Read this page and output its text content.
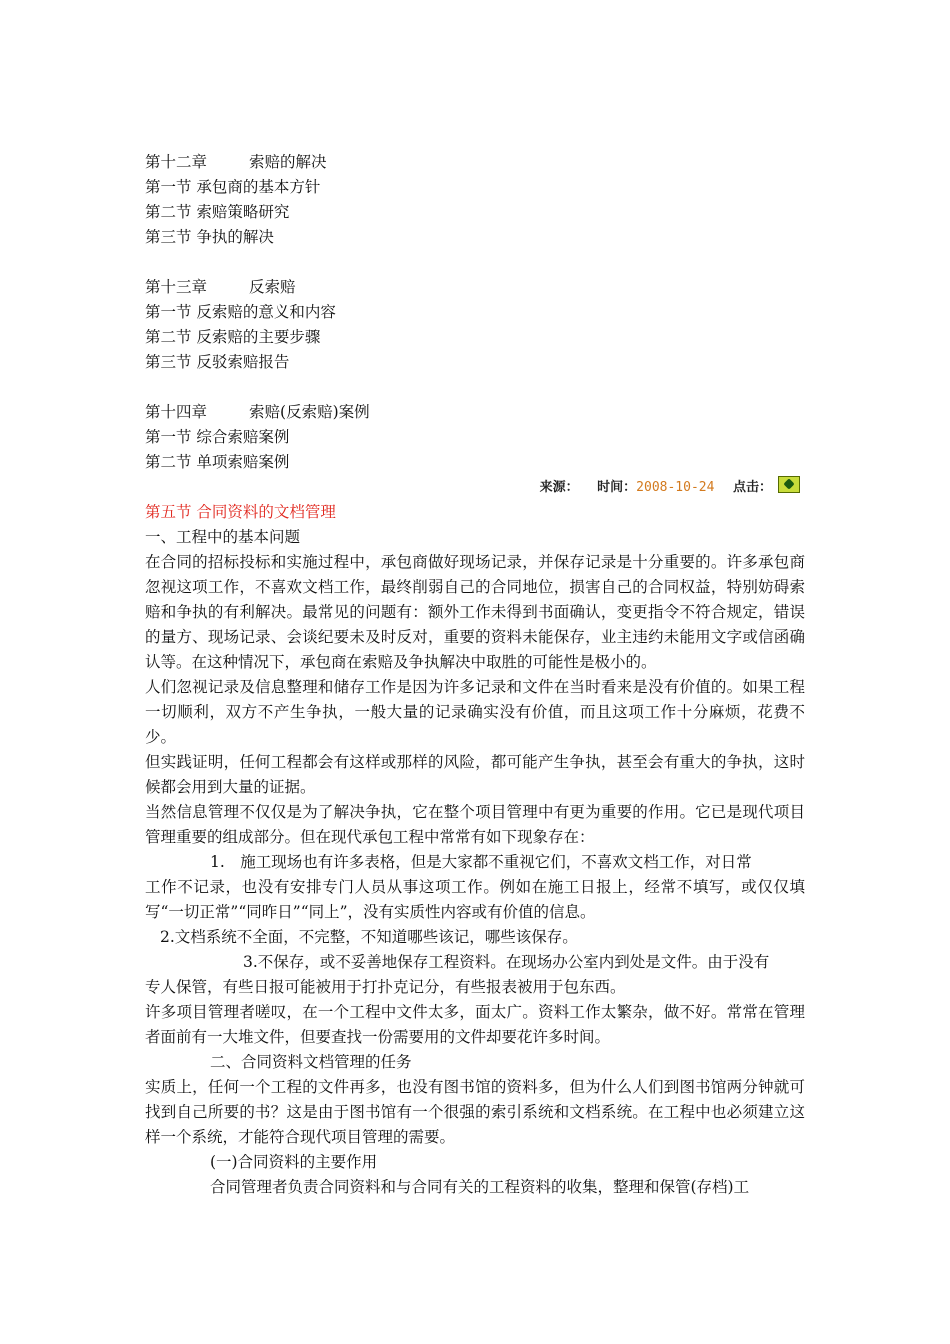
第十二章	索赔的解决
第一节 承包商的基本方针
第二节 索赔策略研究
第三节 争执的解决
第十三章	反索赔
第一节 反索赔的意义和内容
第二节 反索赔的主要步骤
第三节 反驳索赔报告
第十四章	索赔(反索赔)案例
第一节 综合索赔案例
第二节 单项索赔案例
来源： 时间：2008-10-24 点击：
第五节 合同资料的文档管理
一、工程中的基本问题
在合同的招标投标和实施过程中，承包商做好现场记录，并保存记录是十分重要的。许多承包商忽视这项工作，不喜欢文档工作，最终削弱自己的合同地位，损害自己的合同权益，特别妨碍索赔和争执的有利解决。最常见的问题有：额外工作未得到书面确认，变更指令不符合规定，错误的量方、现场记录、会谈纪要未及时反对，重要的资料未能保存，业主违约未能用文字或信函确认等。在这种情况下，承包商在索赔及争执解决中取胜的可能性是极小的。
人们忽视记录及信息整理和储存工作是因为许多记录和文件在当时看来是没有价值的。如果工程一切顺利，双方不产生争执，一般大量的记录确实没有价值，而且这项工作十分麻烦，花费不少。
但实践证明，任何工程都会有这样或那样的风险，都可能产生争执，甚至会有重大的争执，这时候都会用到大量的证据。
当然信息管理不仅仅是为了解决争执，它在整个项目管理中有更为重要的作用。它已是现代项目管理重要的组成部分。但在现代承包工程中常常有如下现象存在：
1.　施工现场也有许多表格，但是大家都不重视它们，不喜欢文档工作，对日常
工作不记录，也没有安排专门人员从事这项工作。例如在施工日报上，经常不填写，或仅仅填写“一切正常”“同昨日”“同上”，没有实质性内容或有价值的信息。
2.文档系统不全面，不完整，不知道哪些该记，哪些该保存。
3.不保存，或不妥善地保存工程资料。在现场办公室内到处是文件。由于没有
专人保管，有些日报可能被用于打扑克记分，有些报表被用于包东西。
许多项目管理者嗟叹，在一个工程中文件太多，面太广。资料工作太繁杂，做不好。常常在管理者面前有一大堆文件，但要查找一份需要用的文件却要花许多时间。
二、合同资料文档管理的任务
实质上，任何一个工程的文件再多，也没有图书馆的资料多，但为什么人们到图书馆两分钟就可找到自己所要的书？这是由于图书馆有一个很强的索引系统和文档系统。在工程中也必须建立这样一个系统，才能符合现代项目管理的需要。
(一)合同资料的主要作用
合同管理者负责合同资料和与合同有关的工程资料的收集，整理和保管(存档)工
